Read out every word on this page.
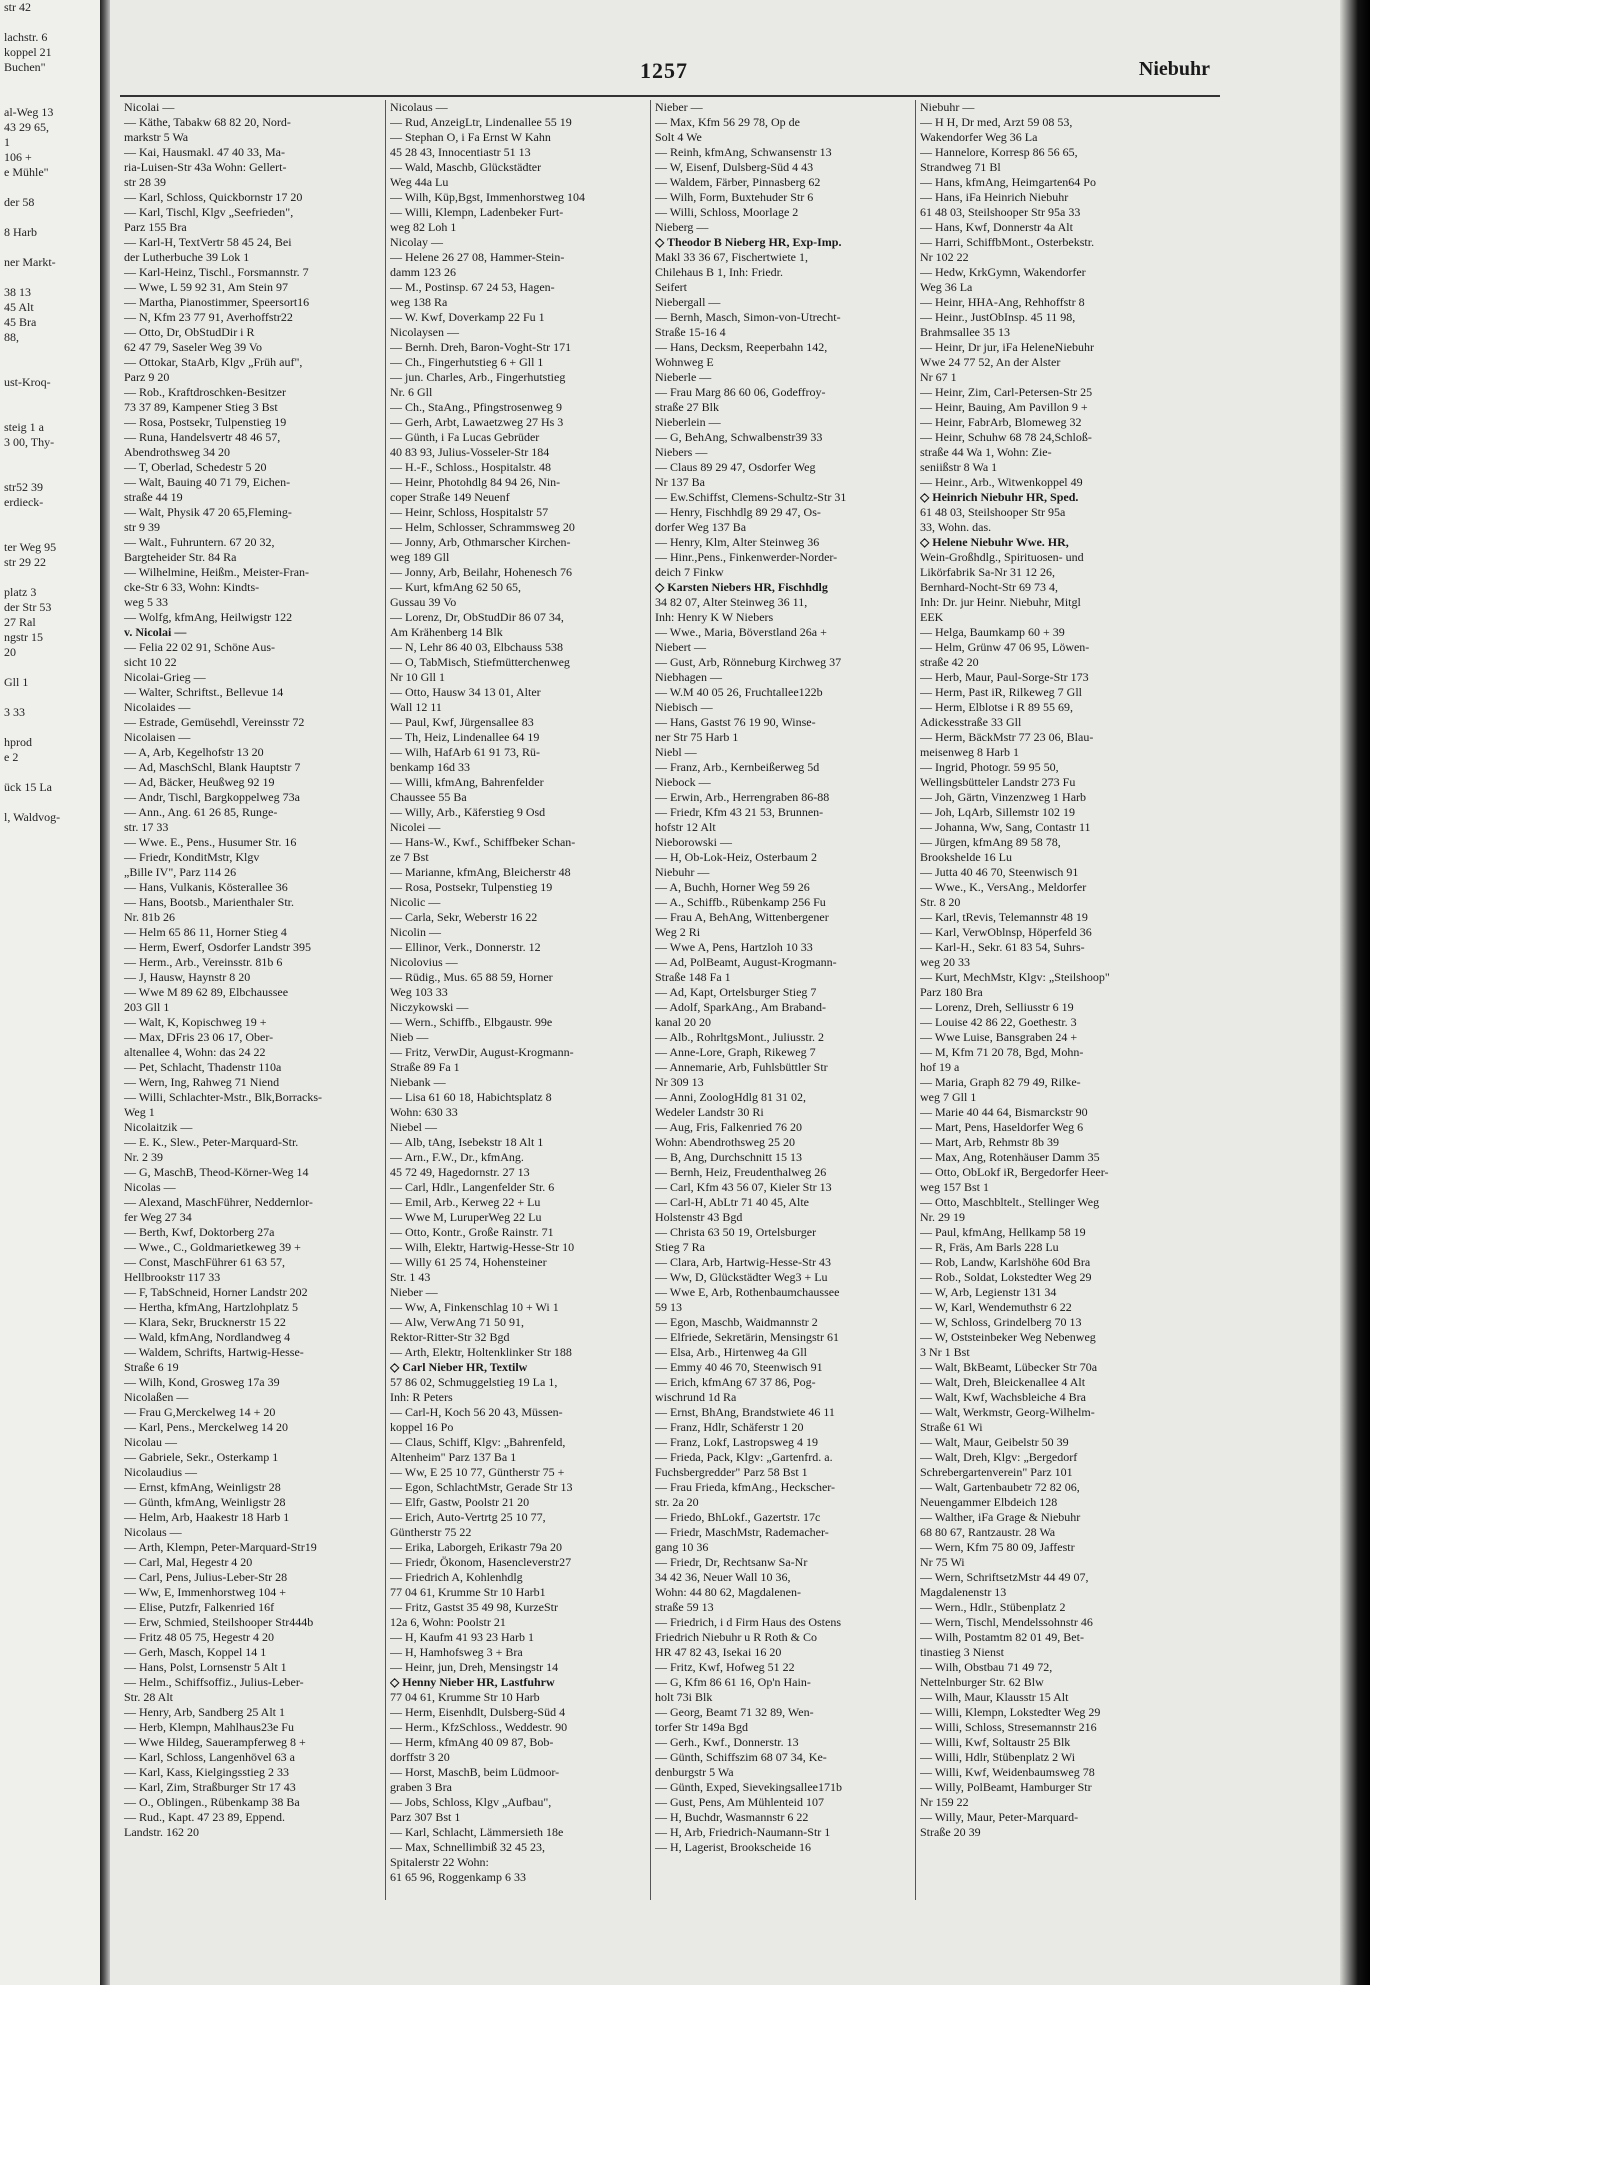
str 42

lachstr. 6
koppel 21
Buchen"

al-Weg 13
43 29 65,
1
106 +
e Mühle"

der 58

8 Harb

ner Markt-

38 13
45 Alt
45 Bra
88,

ust-Kroq-

steig 1 a
3 00, Thy-

str52 39
erdieck-

ter Weg 95
str 29 22

platz 3
der Str 53
27 Ral
ngstr 15
20

Gll 1

3 33

hprod
e 2

ück 15 La

l, Waldvog-
1257	Niebuhr
Nicolai —
— Käthe, Tabakw 68 82 20, Nord-
markstr 5 Wa
— Kai, Hausmakl. 47 40 33, Ma-
ria-Luisen-Str 43a Wohn: Gellert-
str 28 39
— Karl, Schloss, Quickbornstr 17 20
— Karl, Tischl, Klgv „Seefrieden",
Parz 155 Bra
— Karl-H, TextVertr 58 45 24, Bei
der Lutherbuche 39 Lok 1
— Karl-Heinz, Tischl., Forsmannstr. 7
— Wwe, L 59 92 31, Am Stein 97
— Martha, Pianostimmer, Speersort16
— N, Kfm 23 77 91, Averhoffstr22
— Otto, Dr, ObStudDir i R
62 47 79, Saseler Weg 39 Vo
— Ottokar, StaArb, Klgv „Früh auf",
Parz 9 20
— Rob., Kraftdroschken-Besitzer
73 37 89, Kampener Stieg 3 Bst
— Rosa, Postsekr, Tulpenstieg 19
— Runa, Handelsvertr 48 46 57,
Abendrothsweg 34 20
— T, Oberlad, Schedestr 5 20
— Walt, Bauing 40 71 79, Eichen-
straße 44 19
— Walt, Physik 47 20 65,Fleming-
str 9 39
— Walt., Fuhruntern. 67 20 32,
Bargteheider Str. 84 Ra
— Wilhelmine, Heißm., Meister-Fran-
cke-Str 6 33, Wohn: Kindts-
weg 5 33
— Wolfg, kfmAng, Heilwigstr 122
v. Nicolai —
— Felia 22 02 91, Schöne Aus-
sicht 10 22
Nicolai-Grieg —
— Walter, Schriftst., Bellevue 14
Nicolaides —
— Estrade, Gemüsehdl, Vereinsstr 72
Nicolaisen —
— A, Arb, Kegelhofstr 13 20
— Ad, MaschSchl, Blank Hauptstr 7
— Ad, Bäcker, Heußweg 92 19
— Andr, Tischl, Bargkoppelweg 73a
— Ann., Ang. 61 26 85, Runge-
str. 17 33
— Wwe. E., Pens., Husumer Str. 16
— Friedr, KonditMstr, Klgv
„Bille IV", Parz 114 26
— Hans, Vulkanis, Kösterallee 36
— Hans, Bootsb., Marienthaler Str.
Nr. 81b 26
— Helm 65 86 11, Horner Stieg 4
— Herm, Ewerf, Osdorfer Landstr 395
— Herm., Arb., Vereinsstr. 81b 6
— J, Hausw, Haynstr 8 20
— Wwe M 89 62 89, Elbchaussee
203 Gll 1
— Walt, K, Kopischweg 19 +
— Max, DFris 23 06 17, Ober-
altenallee 4, Wohn: das 24 22
— Pet, Schlacht, Thadenstr 110a
— Wern, Ing, Rahweg 71 Niend
— Willi, Schlachter-Mstr., Blk,Borracks-
Weg 1
Nicolaitzik —
— E. K., Slew., Peter-Marquard-Str.
Nr. 2 39
— G, MaschB, Theod-Körner-Weg 14
Nicolas —
— Alexand, MaschFührer, Neddernlor-
fer Weg 27 34
— Berth, Kwf, Doktorberg 27a
— Wwe., C., Goldmarietkeweg 39 +
— Const, MaschFührer 61 63 57,
Hellbrookstr 117 33
— F, TabSchneid, Horner Landstr 202
— Hertha, kfmAng, Hartzlohplatz 5
— Klara, Sekr, Brucknerstr 15 22
— Wald, kfmAng, Nordlandweg 4
— Waldem, Schrifts, Hartwig-Hesse-
Straße 6 19
— Wilh, Kond, Grosweg 17a 39
Nicolaßen —
— Frau G,Merckelweg 14 + 20
— Karl, Pens., Merckelweg 14 20
Nicolau —
— Gabriele, Sekr., Osterkamp 1
Nicolaudius —
— Ernst, kfmAng, Weinligstr 28
— Günth, kfmAng, Weinligstr 28
— Helm, Arb, Haakestr 18 Harb 1
Nicolaus —
— Arth, Klempn, Peter-Marquard-Str19
— Carl, Mal, Hegestr 4 20
— Carl, Pens, Julius-Leber-Str 28
— Ww, E, Immenhorstweg 104 +
— Elise, Putzfr, Falkenried 16f
— Erw, Schmied, Steilshooper Str444b
— Fritz 48 05 75, Hegestr 4 20
— Gerh, Masch, Koppel 14 1
— Hans, Polst, Lornsenstr 5 Alt 1
— Helm., Schiffsoffiz., Julius-Leber-
Str. 28 Alt
— Henry, Arb, Sandberg 25 Alt 1
— Herb, Klempn, Mahlhaus23e Fu
— Wwe Hildeg, Sauerampferweg 8 +
— Karl, Schloss, Langenhövel 63 a
— Karl, Kass, Kielgingsstieg 2 33
— Karl, Zim, Straßburger Str 17 43
— O., Oblingen., Rübenkamp 38 Ba
— Rud., Kapt. 47 23 89, Eppend.
Landstr. 162 20
Nicolaus —
— Rud, AnzeigLtr, Lindenallee 55 19
— Stephan O, i Fa Ernst W Kahn
45 28 43, Innocentiastr 51 13
— Wald, Maschb, Glückstädter
Weg 44a Lu
— Wilh, Küp,Bgst, Immenhorstweg 104
— Willi, Klempn, Ladenbeker Furt-
weg 82 Loh 1
Nicolay —
— Helene 26 27 08, Hammer-Stein-
damm 123 26
— M., Postinsp. 67 24 53, Hagen-
weg 138 Ra
— W. Kwf, Doverkamp 22 Fu 1
Nicolaysen —
— Bernh. Dreh, Baron-Voght-Str 171
— Ch., Fingerhutstieg 6 + Gll 1
— jun. Charles, Arb., Fingerhutstieg
Nr. 6 Gll
— Ch., StaAng., Pfingstrosenweg 9
— Gerh, Arbt, Lawaetzweg 27 Hs 3
— Günth, i Fa Lucas Gebrüder
40 83 93, Julius-Vosseler-Str 184
— H.-F., Schloss., Hospitalstr. 48
— Heinr, Photohdlg 84 94 26, Nin-
coper Straße 149 Neuenf
— Heinr, Schloss, Hospitalstr 57
— Helm, Schlosser, Schrammsweg 20
— Jonny, Arb, Othmarscher Kirchen-
weg 189 Gll
— Jonny, Arb, Beilahr, Hohenesch 76
— Kurt, kfmAng 62 50 65,
Gussau 39 Vo
— Lorenz, Dr, ObStudDir 86 07 34,
Am Krähenberg 14 Blk
— N, Lehr 86 40 03, Elbchauss 538
— O, TabMisch, Stiefmütterchenweg
Nr 10 Gll 1
— Otto, Hausw 34 13 01, Alter
Wall 12 11
— Paul, Kwf, Jürgensallee 83
— Th, Heiz, Lindenallee 64 19
— Wilh, HafArb 61 91 73, Rü-
benkamp 16d 33
— Willi, kfmAng, Bahrenfelder
Chaussee 55 Ba
— Willy, Arb., Käferstieg 9 Osd
Nicolei —
— Hans-W., Kwf., Schiffbeker Schan-
ze 7 Bst
— Marianne, kfmAng, Bleicherstr 48
— Rosa, Postsekr, Tulpenstieg 19
Nicolic —
— Carla, Sekr, Weberstr 16 22
Nicolin —
— Ellinor, Verk., Donnerstr. 12
Nicolovius —
— Rüdig., Mus. 65 88 59, Horner
Weg 103 33
Niczykowski —
— Wern., Schiffb., Elbgaustr. 99e
Nieb —
— Fritz, VerwDir, August-Krogmann-
Straße 89 Fa 1
Niebank —
— Lisa 61 60 18, Habichtsplatz 8
Wohn: 630 33
Niebel —
— Alb, tAng, Isebekstr 18 Alt 1
— Arn., F.W., Dr., kfmAng.
45 72 49, Hagedornstr. 27 13
— Carl, Hdlr., Langenfelder Str. 6
— Emil, Arb., Kerweg 22 + Lu
— Wwe M, LuruperWeg 22 Lu
— Otto, Kontr., Große Rainstr. 71
— Wilh, Elektr, Hartwig-Hesse-Str 10
— Willy 61 25 74, Hohensteiner
Str. 1 43
Nieber —
— Ww, A, Finkenschlag 10 + Wi 1
— Alw, VerwAng 71 50 91,
Rektor-Ritter-Str 32 Bgd
— Arth, Elektr, Holtenklinker Str 188
◇ Carl Nieber HR, Textilw
57 86 02, Schmuggelstieg 19 La 1,
Inh: R Peters
— Carl-H, Koch 56 20 43, Müssen-
koppel 16 Po
— Claus, Schiff, Klgv: „Bahrenfeld,
Altenheim" Parz 137 Ba 1
— Ww, E 25 10 77, Güntherstr 75 +
— Egon, SchlachtMstr, Gerade Str 13
— Elfr, Gastw, Poolstr 21 20
— Erich, Auto-Vertrtg 25 10 77,
Güntherstr 75 22
— Erika, Laborgeh, Erikastr 79a 20
— Friedr, Ökonom, Hasencleverstr27
— Friedrich A, Kohlenhdlg
77 04 61, Krumme Str 10 Harb1
— Fritz, Gastst 35 49 98, KurzeStr
12a 6, Wohn: Poolstr 21
— H, Kaufm 41 93 23 Harb 1
— H, Hamhofsweg 3 + Bra
— Heinr, jun, Dreh, Mensingstr 14
◇ Henny Nieber HR, Lastfuhrw
77 04 61, Krumme Str 10 Harb
— Herm, Eisenhdlt, Dulsberg-Süd 4
— Herm., KfzSchloss., Weddestr. 90
— Herm, kfmAng 40 09 87, Bob-
dorffstr 3 20
— Horst, MaschB, beim Lüdmoor-
graben 3 Bra
— Jobs, Schloss, Klgv „Aufbau",
Parz 307 Bst 1
— Karl, Schlacht, Lämmersieth 18e
— Max, Schnellimbiß 32 45 23,
Spitalerstr 22 Wohn:
61 65 96, Roggenkamp 6 33
Nieber —
— Max, Kfm 56 29 78, Op de
Solt 4 We
— Reinh, kfmAng, Schwansenstr 13
— W, Eisenf, Dulsberg-Süd 4 43
— Waldem, Färber, Pinnasberg 62
— Wilh, Form, Buxtehuder Str 6
— Willi, Schloss, Moorlage 2
Nieberg —
◇ Theodor B Nieberg HR, Exp-Imp.
Makl 33 36 67, Fischertwiete 1,
Chilehaus B 1, Inh: Friedr.
Seifert
Niebergall —
— Bernh, Masch, Simon-von-Utrecht-
Straße 15-16 4
— Hans, Decksm, Reeperbahn 142,
Wohnweg E
Nieberle —
— Frau Marg 86 60 06, Godeffroy-
straße 27 Blk
Nieberlein —
— G, BehAng, Schwalbenstr39 33
Niebers —
— Claus 89 29 47, Osdorfer Weg
Nr 137 Ba
— Ew.Schiffst, Clemens-Schultz-Str 31
— Henry, Fischhdlg 89 29 47, Os-
dorfer Weg 137 Ba
— Henry, Klm, Alter Steinweg 36
— Hinr.,Pens., Finkenwerder-Norder-
deich 7 Finkw
◇ Karsten Niebers HR, Fischhdlg
34 82 07, Alter Steinweg 36 11,
Inh: Henry K W Niebers
— Wwe., Maria, Böverstland 26a +
Niebert —
— Gust, Arb, Rönneburg Kirchweg 37
Niebhagen —
— W.M 40 05 26, Fruchtallee122b
Niebisch —
— Hans, Gastst 76 19 90, Winse-
ner Str 75 Harb 1
Niebl —
— Franz, Arb., Kernbeißerweg 5d
Niebock —
— Erwin, Arb., Herrengraben 86-88
— Friedr, Kfm 43 21 53, Brunnen-
hofstr 12 Alt
Nieborowski —
— H, Ob-Lok-Heiz, Osterbaum 2
Niebuhr —
— A, Buchh, Horner Weg 59 26
— A., Schiffb., Rübenkamp 256 Fu
— Frau A, BehAng, Wittenbergener
Weg 2 Ri
— Wwe A, Pens, Hartzloh 10 33
— Ad, PolBeamt, August-Krogmann-
Straße 148 Fa 1
— Ad, Kapt, Ortelsburger Stieg 7
— Adolf, SparkAng., Am Braband-
kanal 20 20
— Alb., RohrltgsMont., Juliusstr. 2
— Anne-Lore, Graph, Rikeweg 7
— Annemarie, Arb, Fuhlsbüttler Str
Nr 309 13
— Anni, ZoologHdlg 81 31 02,
Wedeler Landstr 30 Ri
— Aug, Fris, Falkenried 76 20
Wohn: Abendrothsweg 25 20
— B, Ang, Durchschnitt 15 13
— Bernh, Heiz, Freudenthalweg 26
— Carl, Kfm 43 56 07, Kieler Str 13
— Carl-H, AbLtr 71 40 45, Alte
Holstenstr 43 Bgd
— Christa 63 50 19, Ortelsburger
Stieg 7 Ra
— Clara, Arb, Hartwig-Hesse-Str 43
— Ww, D, Glückstädter Weg3 + Lu
— Wwe E, Arb, Rothenbaumchaussee
59 13
— Egon, Maschb, Waidmannstr 2
— Elfriede, Sekretärin, Mensingstr 61
— Elsa, Arb., Hirtenweg 4a Gll
— Emmy 40 46 70, Steenwisch 91
— Erich, kfmAng 67 37 86, Pog-
wischrund 1d Ra
— Ernst, BhAng, Brandstwiete 46 11
— Franz, Hdlr, Schäferstr 1 20
— Franz, Lokf, Lastropsweg 4 19
— Frieda, Pack, Klgv: „Gartenfrd. a.
Fuchsbergredder" Parz 58 Bst 1
— Frau Frieda, kfmAng., Heckscher-
str. 2a 20
— Friedo, BhLokf., Gazertstr. 17c
— Friedr, MaschMstr, Rademacher-
gang 10 36
— Friedr, Dr, Rechtsanw Sa-Nr
34 42 36, Neuer Wall 10 36,
Wohn: 44 80 62, Magdalenen-
straße 59 13
— Friedrich, i d Firm Haus des Ostens
Friedrich Niebuhr u R Roth & Co
HR 47 82 43, Isekai 16 20
— Fritz, Kwf, Hofweg 51 22
— G, Kfm 86 61 16, Op'n Hain-
holt 73i Blk
— Georg, Beamt 71 32 89, Wen-
torfer Str 149a Bgd
— Gerh., Kwf., Donnerstr. 13
— Günth, Schiffszim 68 07 34, Ke-
denburgstr 5 Wa
— Günth, Exped, Sievekingsallee171b
— Gust, Pens, Am Mühlenteid 107
— H, Buchdr, Wasmannstr 6 22
— H, Arb, Friedrich-Naumann-Str 1
— H, Lagerist, Brookscheide 16
Niebuhr —
— H H, Dr med, Arzt 59 08 53,
Wakendorfer Weg 36 La
— Hannelore, Korresp 86 56 65,
Strandweg 71 Bl
— Hans, kfmAng, Heimgarten64 Po
— Hans, iFa Heinrich Niebuhr
61 48 03, Steilshooper Str 95a 33
— Hans, Kwf, Donnerstr 4a Alt
— Harri, SchiffbMont., Osterbekstr.
Nr 102 22
— Hedw, KrkGymn, Wakendorfer
Weg 36 La
— Heinr, HHA-Ang, Rehhoffstr 8
— Heinr., JustObInsp. 45 11 98,
Brahmsallee 35 13
— Heinr, Dr jur, iFa HeleneNiebuhr
Wwe 24 77 52, An der Alster
Nr 67 1
— Heinr, Zim, Carl-Petersen-Str 25
— Heinr, Bauing, Am Pavillon 9 +
— Heinr, FabrArb, Blomeweg 32
— Heinr, Schuhw 68 78 24,Schloß-
straße 44 Wa 1, Wohn: Zie-
seniißstr 8 Wa 1
— Heinr., Arb., Witwenkoppel 49
◇ Heinrich Niebuhr HR, Sped.
61 48 03, Steilshooper Str 95a
33, Wohn. das.
◇ Helene Niebuhr Wwe. HR,
Wein-Großhdlg., Spirituosen- und
Likörfabrik Sa-Nr 31 12 26,
Bernhard-Nocht-Str 69 73 4,
Inh: Dr. jur Heinr. Niebuhr, Mitgl
EEK
— Helga, Baumkamp 60 + 39
— Helm, Grünw 47 06 95, Löwen-
straße 42 20
— Herb, Maur, Paul-Sorge-Str 173
— Herm, Past iR, Rilkeweg 7 Gll
— Herm, Elblotse i R 89 55 69,
Adickesstraße 33 Gll
— Herm, BäckMstr 77 23 06, Blau-
meisenweg 8 Harb 1
— Ingrid, Photogr. 59 95 50,
Wellingsbütteler Landstr 273 Fu
— Joh, Gärtn, Vinzenzweg 1 Harb
— Joh, LqArb, Sillemstr 102 19
— Johanna, Ww, Sang, Contastr 11
— Jürgen, kfmAng 89 58 78,
Brookshelde 16 Lu
— Jutta 40 46 70, Steenwisch 91
— Wwe., K., VersAng., Meldorfer
Str. 8 20
— Karl, tRevis, Telemannstr 48 19
— Karl, VerwOblnsp, Höperfeld 36
— Karl-H., Sekr. 61 83 54, Suhrs-
weg 20 33
— Kurt, MechMstr, Klgv: „Steilshoop"
Parz 180 Bra
— Lorenz, Dreh, Selliusstr 6 19
— Louise 42 86 22, Goethestr. 3
— Wwe Luise, Bansgraben 24 +
— M, Kfm 71 20 78, Bgd, Mohn-
hof 19 a
— Maria, Graph 82 79 49, Rilke-
weg 7 Gll 1
— Marie 40 44 64, Bismarckstr 90
— Mart, Pens, Haseldorfer Weg 6
— Mart, Arb, Rehmstr 8b 39
— Max, Ang, Rotenhäuser Damm 35
— Otto, ObLokf iR, Bergedorfer Heer-
weg 157 Bst 1
— Otto, Maschbltelt., Stellinger Weg
Nr. 29 19
— Paul, kfmAng, Hellkamp 58 19
— R, Fräs, Am Barls 228 Lu
— Rob, Landw, Karlshöhe 60d Bra
— Rob., Soldat, Lokstedter Weg 29
— W, Arb, Legienstr 131 34
— W, Karl, Wendemuthstr 6 22
— W, Schloss, Grindelberg 70 13
— W, Oststeinbeker Weg Nebenweg
3 Nr 1 Bst
— Walt, BkBeamt, Lübecker Str 70a
— Walt, Dreh, Bleickenallee 4 Alt
— Walt, Kwf, Wachsbleiche 4 Bra
— Walt, Werkmstr, Georg-Wilhelm-
Straße 61 Wi
— Walt, Maur, Geibelstr 50 39
— Walt, Dreh, Klgv: „Bergedorf
Schrebergartenverein" Parz 101
— Walt, Gartenbaubetr 72 82 06,
Neuengammer Elbdeich 128
— Walther, iFa Grage & Niebuhr
68 80 67, Rantzaustr. 28 Wa
— Wern, Kfm 75 80 09, Jaffestr
Nr 75 Wi
— Wern, SchriftsetzMstr 44 49 07,
Magdalenenstr 13
— Wern., Hdlr., Stübenplatz 2
— Wern, Tischl, Mendelssohnstr 46
— Wilh, Postamtm 82 01 49, Bet-
tinastieg 3 Nienst
— Wilh, Obstbau 71 49 72,
Nettelnburger Str. 62 Blw
— Wilh, Maur, Klausstr 15 Alt
— Willi, Klempn, Lokstedter Weg 29
— Willi, Schloss, Stresemannstr 216
— Willi, Kwf, Soltaustr 25 Blk
— Willi, Hdlr, Stübenplatz 2 Wi
— Willi, Kwf, Weidenbaumsweg 78
— Willy, PolBeamt, Hamburger Str
Nr 159 22
— Willy, Maur, Peter-Marquard-
Straße 20 39
